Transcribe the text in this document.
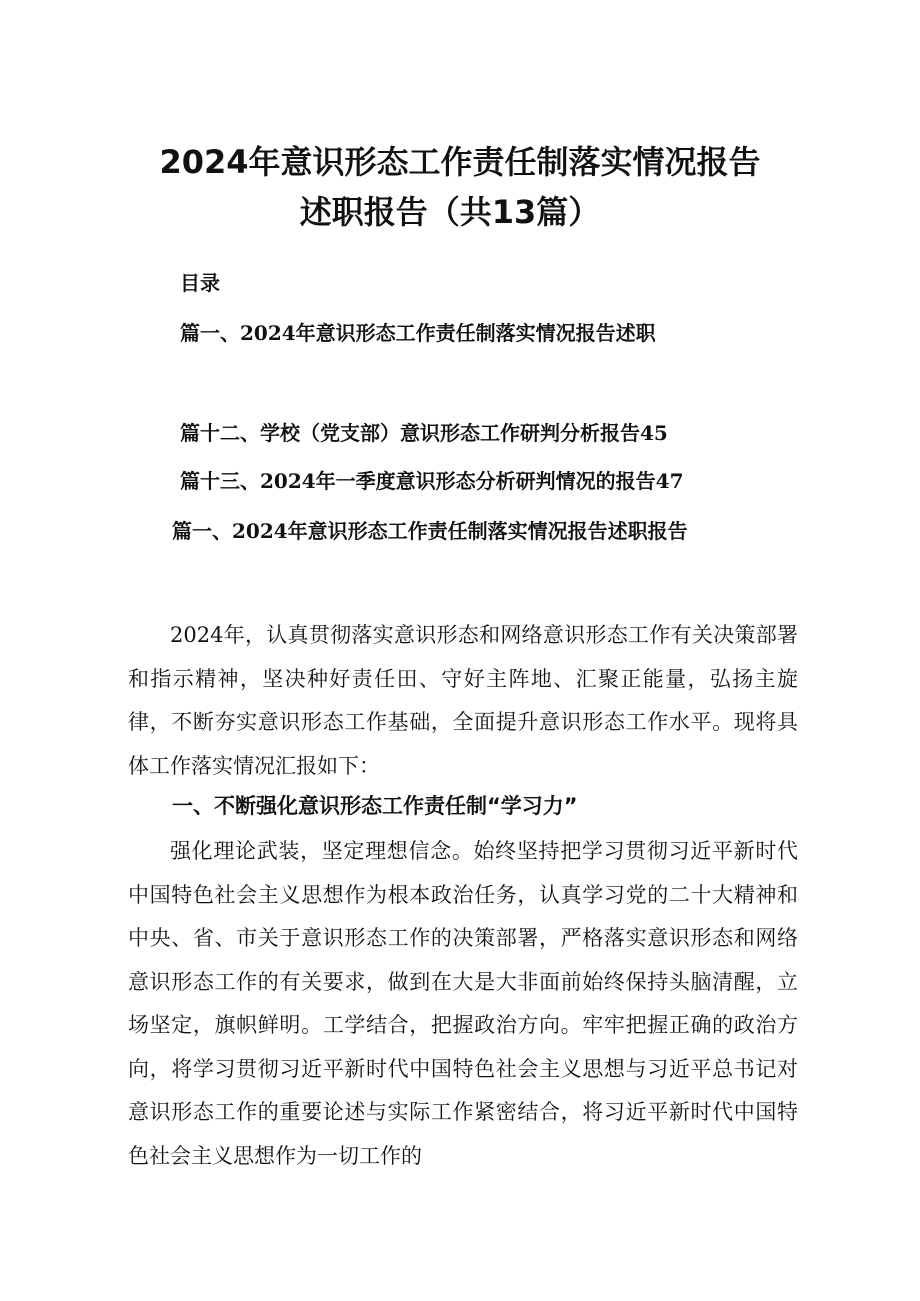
2024年意识形态工作责任制落实情况报告
述职报告（共13篇）
目录
篇一、2024年意识形态工作责任制落实情况报告述职
篇十二、学校（党支部）意识形态工作研判分析报告45
篇十三、2024年一季度意识形态分析研判情况的报告47
篇一、2024年意识形态工作责任制落实情况报告述职报告
2024年，认真贯彻落实意识形态和网络意识形态工作有关决策部署和指示精神，坚决种好责任田、守好主阵地、汇聚正能量，弘扬主旋律，不断夯实意识形态工作基础，全面提升意识形态工作水平。现将具体工作落实情况汇报如下：
一、不断强化意识形态工作责任制“学习力”
强化理论武装，坚定理想信念。始终坚持把学习贯彻习近平新时代中国特色社会主义思想作为根本政治任务，认真学习党的二十大精神和中央、省、市关于意识形态工作的决策部署，严格落实意识形态和网络意识形态工作的有关要求，做到在大是大非面前始终保持头脑清醒，立场坚定，旗帜鲜明。工学结合，把握政治方向。牢牢把握正确的政治方向，将学习贯彻习近平新时代中国特色社会主义思想与习近平总书记对意识形态工作的重要论述与实际工作紧密结合，将习近平新时代中国特色社会主义思想作为一切工作的
